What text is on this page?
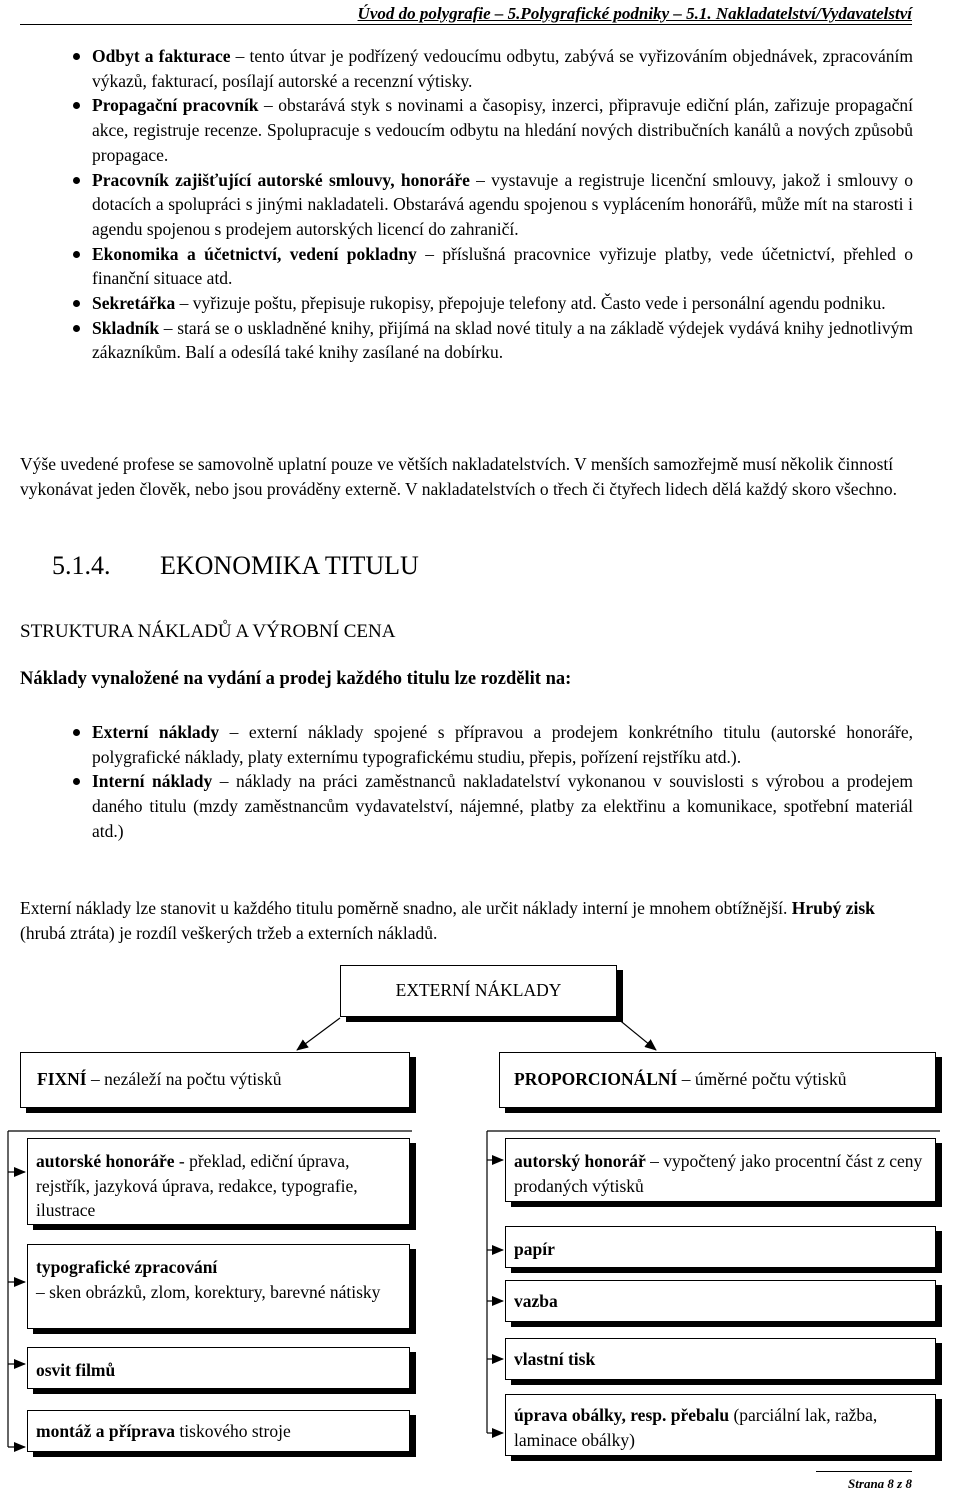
Úvod do polygrafie – 5.Polygrafické podniky – 5.1. Nakladatelství/Vydavatelství
Odbyt a fakturace – tento útvar je podřízený vedoucímu odbytu, zabývá se vyřizováním objednávek, zpracováním výkazů, fakturací, posílají autorské a recenzní výtisky.
Propagační pracovník – obstarává styk s novinami a časopisy, inzerci, připravuje ediční plán, zařizuje propagační akce, registruje recenze. Spolupracuje s vedoucím odbytu na hledání nových distribučních kanálů a nových způsobů propagace.
Pracovník zajišťující autorské smlouvy, honoráře – vystavuje a registruje licenční smlouvy, jakož i smlouvy o dotacích a spolupráci s jinými nakladateli. Obstarává agendu spojenou s vyplácením honorářů, může mít na starosti i agendu spojenou s prodejem autorských licencí do zahraničí.
Ekonomika a účetnictví, vedení pokladny – příslušná pracovnice vyřizuje platby, vede účetnictví, přehled o finanční situace atd.
Sekretářka – vyřizuje poštu, přepisuje rukopisy, přepojuje telefony atd. Často vede i personální agendu podniku.
Skladník – stará se o uskladněné knihy, přijímá na sklad nové tituly a na základě výdejek vydává knihy jednotlivým zákazníkům. Balí a odesílá také knihy zasílané na dobírku.
Výše uvedené profese se samovolně uplatní pouze ve větších nakladatelstvích. V menších samozřejmě musí několik činností vykonávat jeden člověk, nebo jsou prováděny externě. V nakladatelstvích o třech či čtyřech lidech dělá každý skoro všechno.
5.1.4. EKONOMIKA TITULU
STRUKTURA NÁKLADŮ A VÝROBNÍ CENA
Náklady vynaložené na vydání a prodej každého titulu lze rozdělit na:
Externí náklady – externí náklady spojené s přípravou a prodejem konkrétního titulu (autorské honoráře, polygrafické náklady, platy externímu typografickému studiu, přepis, pořízení rejstříku atd.).
Interní náklady – náklady na práci zaměstnanců nakladatelství vykonanou v souvislosti s výrobou a prodejem daného titulu (mzdy zaměstnancům vydavatelství, nájemné, platby za elektřinu a komunikace, spotřební materiál atd.)
Externí náklady lze stanovit u každého titulu poměrně snadno, ale určit náklady interní je mnohem obtížnější. Hrubý zisk (hrubá ztráta) je rozdíl veškerých tržeb a externích nákladů.
EXTERNÍ NÁKLADY
FIXNÍ – nezáleží na počtu výtisků	PROPORCIONÁLNÍ – úměrné počtu výtisků
autorské honoráře - překlad, ediční úprava, rejstřík, jazyková úprava, redakce, typografie, ilustrace
typografické zpracování
– sken obrázků, zlom, korektury, barevné nátisky
osvit filmů
montáž a příprava tiskového stroje
autorský honorář – vypočtený jako procentní část z ceny prodaných výtisků
papír
vazba
vlastní tisk
úprava obálky, resp. přebalu (parciální lak, ražba, laminace obálky)
Strana 8 z 8
